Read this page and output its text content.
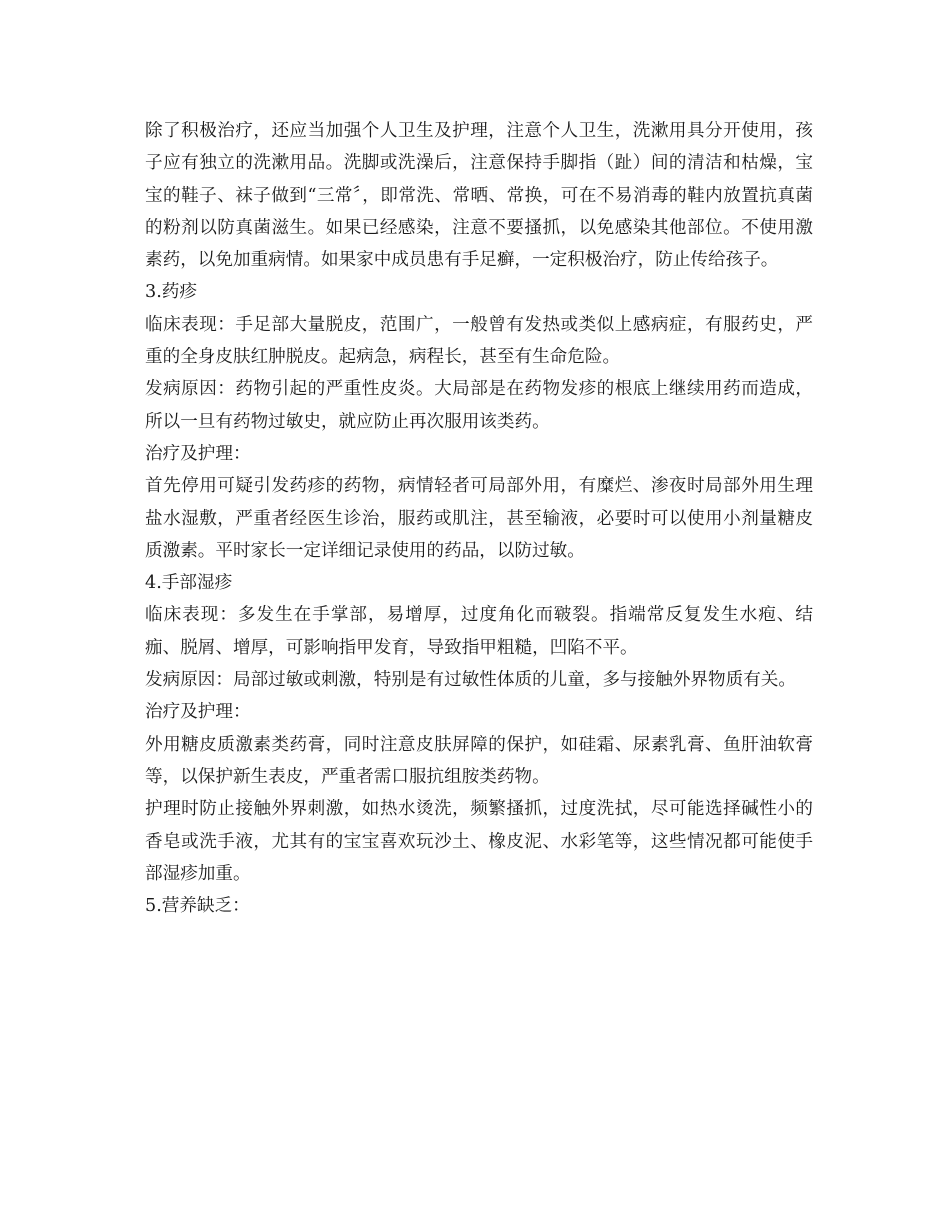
除了积极治疗，还应当加强个人卫生及护理，注意个人卫生，洗漱用具分开使用，孩子应有独立的洗漱用品。洗脚或洗澡后，注意保持手脚指（趾）间的清洁和枯燥，宝宝的鞋子、袜子做到“三常〞，即常洗、常晒、常换，可在不易消毒的鞋内放置抗真菌的粉剂以防真菌滋生。如果已经感染，注意不要搔抓，以免感染其他部位。不使用激素药，以免加重病情。如果家中成员患有手足癣，一定积极治疗，防止传给孩子。

3.药疹

临床表现：手足部大量脱皮，范围广，一般曾有发热或类似上感病症，有服药史，严重的全身皮肤红肿脱皮。起病急，病程长，甚至有生命危险。

发病原因：药物引起的严重性皮炎。大局部是在药物发疹的根底上继续用药而造成，所以一旦有药物过敏史，就应防止再次服用该类药。

治疗及护理：

首先停用可疑引发药疹的药物，病情轻者可局部外用，有糜烂、渗夜时局部外用生理盐水湿敷，严重者经医生诊治，服药或肌注，甚至输液，必要时可以使用小剂量糖皮质激素。平时家长一定详细记录使用的药品，以防过敏。

4.手部湿疹

临床表现：多发生在手掌部，易增厚，过度角化而皲裂。指端常反复发生水疱、结痂、脱屑、增厚，可影响指甲发育，导致指甲粗糙，凹陷不平。

发病原因：局部过敏或刺激，特别是有过敏性体质的儿童，多与接触外界物质有关。

治疗及护理：

外用糖皮质激素类药膏，同时注意皮肤屏障的保护，如硅霜、尿素乳膏、鱼肝油软膏等，以保护新生表皮，严重者需口服抗组胺类药物。

护理时防止接触外界刺激，如热水烫洗，频繁搔抓，过度洗拭，尽可能选择碱性小的香皂或洗手液，尤其有的宝宝喜欢玩沙土、橡皮泥、水彩笔等，这些情况都可能使手部湿疹加重。

5.营养缺乏：
